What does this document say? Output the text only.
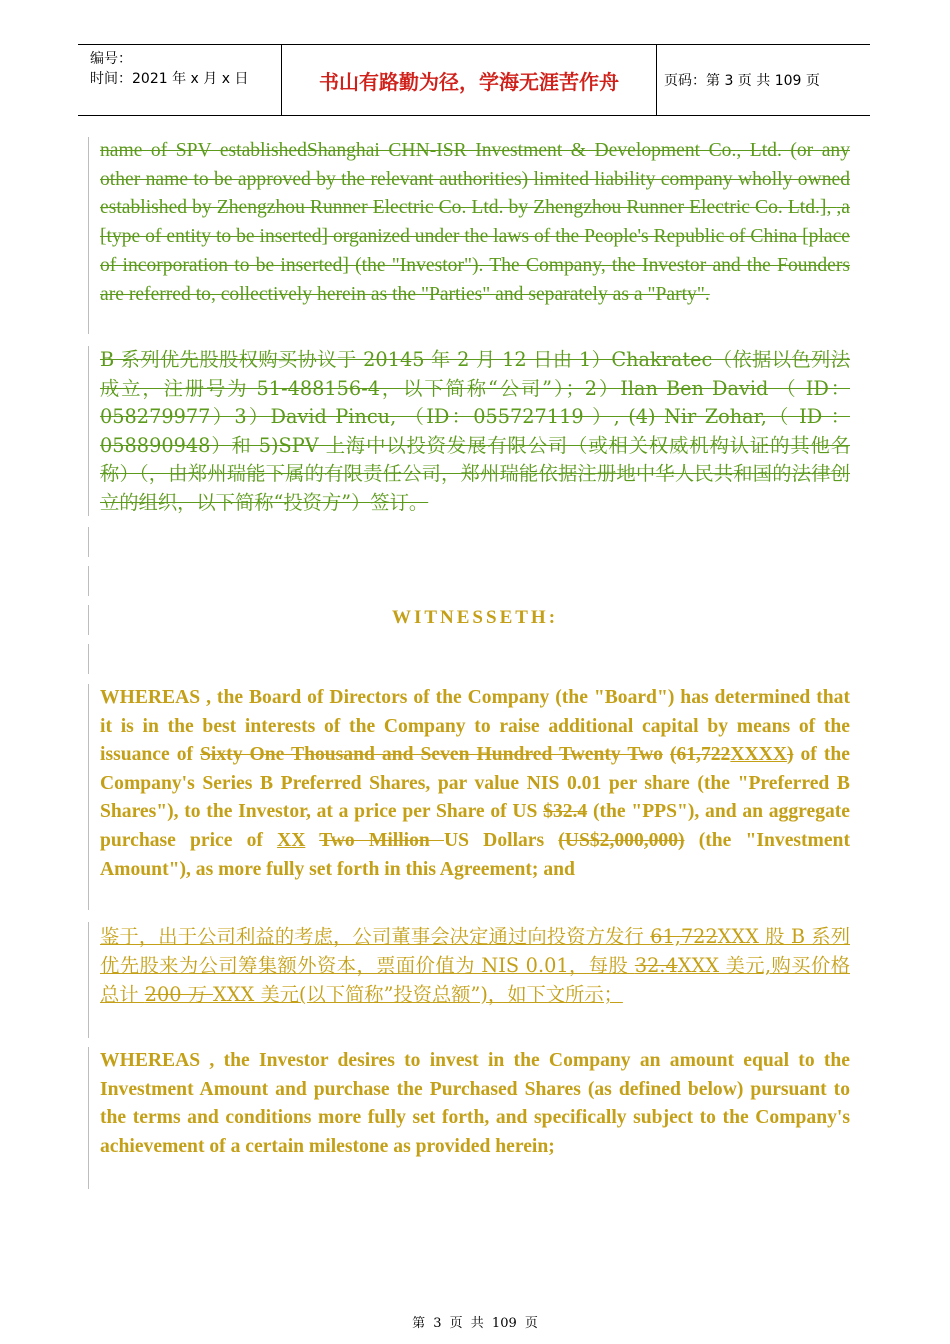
编号：
时间：2021 年 x 月 x 日	书山有路勤为径，学海无涯苦作舟	页码：第 3 页 共 109 页
name of SPV establishedShanghai CHN-ISR Investment & Development Co., Ltd. (or any other name to be approved by the relevant authorities) limited liability company wholly owned established by Zhengzhou Runner Electric Co. Ltd. by Zhengzhou Runner Electric Co. Ltd.], ,a [type of entity to be inserted] organized under the laws of the People's Republic of China [place of incorporation to be inserted] (the "Investor"). The Company, the Investor and the Founders are referred to, collectively herein as the "Parties" and separately as a "Party".
B 系列优先股股权购买协议于 20145 年 2 月 12 日由 1）Chakratec（依据以色列法成立，注册号为 51-488156-4，以下简称“公司”）；2）Ilan Ben David （ ID： 058279977）3）David Pincu, （ID：055727119 ）, (4) Nir Zohar,（ ID ： 058890948）和 5)SPV 上海中以投资发展有限公司（或相关权威机构认证的其他名称）（，由郑州瑞能下属的有限责任公司，郑州瑞能依据注册地中华人民共和国的法律创立的组织，以下简称“投资方”）签订。
WITNESSETH:
WHEREAS , the Board of Directors of the Company (the "Board") has determined that it is in the best interests of the Company to raise additional capital by means of the issuance of Sixty One Thousand and Seven Hundred Twenty Two (61,722XXXX) of the Company's Series B Preferred Shares, par value NIS 0.01 per share (the "Preferred B Shares"), to the Investor, at a price per Share of US $32.4 (the "PPS"), and an aggregate purchase price of XX Two Million US Dollars (US$2,000,000) (the "Investment Amount"), as more fully set forth in this Agreement; and
鉴于，出于公司利益的考虑，公司董事会决定通过向投资方发行 61,722XXX 股 B 系列优先股来为公司筹集额外资本，票面价值为 NIS 0.01，每股 32.4XXX 美元,购买价格总计 200 万 XXX 美元(以下简称”投资总额”)，如下文所示；
WHEREAS , the Investor desires to invest in the Company an amount equal to the Investment Amount and purchase the Purchased Shares (as defined below) pursuant to the terms and conditions more fully set forth, and specifically subject to the Company's achievement of a certain milestone as provided herein;
第 3 页 共 109 页
